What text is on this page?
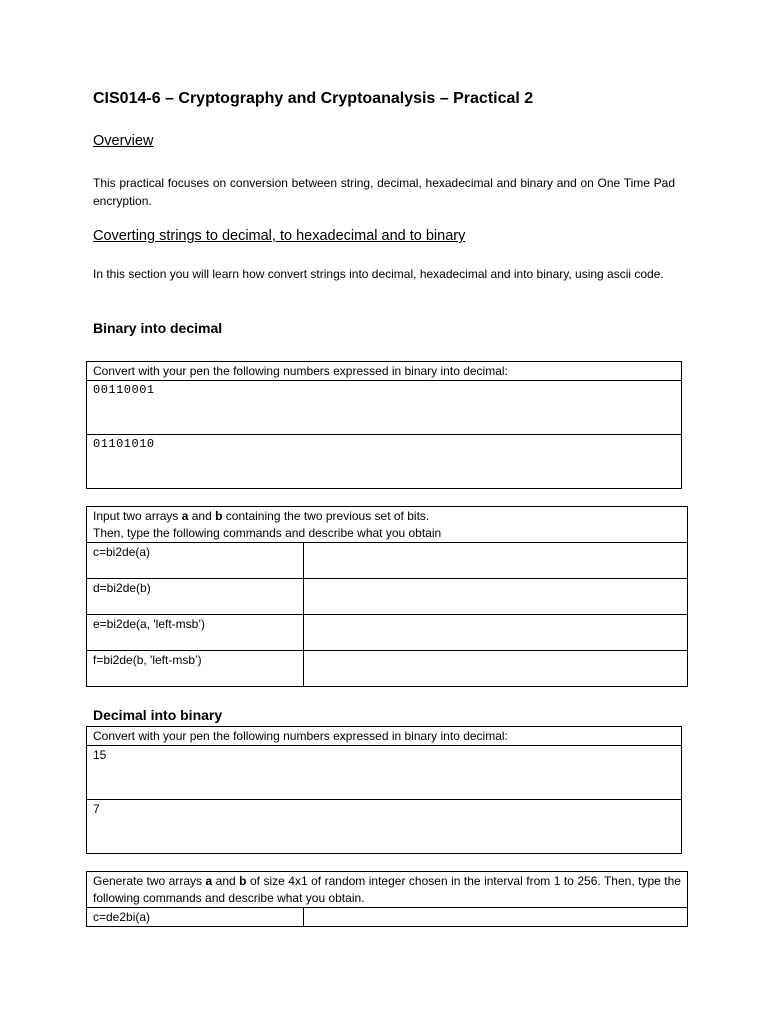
CIS014-6 – Cryptography and Cryptoanalysis – Practical 2
Overview
This practical focuses on conversion between string, decimal, hexadecimal and binary and on One Time Pad encryption.
Coverting strings to decimal, to hexadecimal and to binary
In this section you will learn how convert strings into decimal, hexadecimal and into binary, using ascii code.
Binary into decimal
Convert with your pen the following numbers expressed in binary into decimal:
00110001
01101010
Input two arrays a and b containing the two previous set of bits.
Then, type the following commands and describe what you obtain	
c=bi2de(a)	
d=bi2de(b)	
e=bi2de(a, 'left-msb’)	
f=bi2de(b, 'left-msb’)	
Decimal into binary
Convert with your pen the following numbers expressed in binary into decimal:
15
7
Generate two arrays a and b of size 4x1 of random integer chosen in the interval from 1 to 256. Then, type the following commands and describe what you obtain.
c=de2bi(a)	
